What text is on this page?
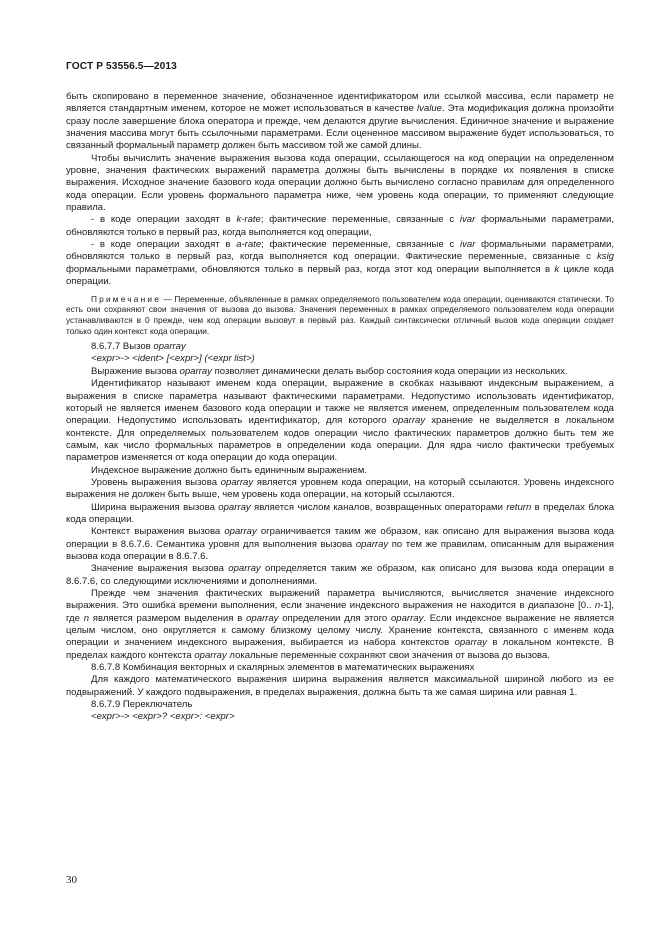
ГОСТ Р 53556.5—2013

быть скопировано в переменное значение, обозначенное идентификатором или ссылкой массива, если параметр не является стандартным именем, которое не может использоваться в качестве lvalue. Эта модификация должна произойти сразу после завершение блока оператора и прежде, чем делаются другие вычисления. Единичное значение и выражение значения массива могут быть ссылочными параметрами. Если оцененное массивом выражение будет использоваться, то связанный формальный параметр должен быть массивом той же самой длины.

Чтобы вычислить значение выражения вызова кода операции, ссылающегося на код операции на определенном уровне, значения фактических выражений параметра должны быть вычислены в порядке их появления в списке выражения. Исходное значение базового кода операции должно быть вычислено согласно правилам для определенного кода операции. Если уровень формального параметра ниже, чем уровень кода операции, то применяют следующие правила.

- в коде операции заходят в k-rate; фактические переменные, связанные с ivar формальными параметрами, обновляются только в первый раз, когда выполняется код операции,

- в коде операции заходят в a-rate; фактические переменные, связанные с ivar формальными параметрами, обновляются только в первый раз, когда выполняется код операции. Фактические переменные, связанные с ksig формальными параметрами, обновляются только в первый раз, когда этот код операции выполняется в k цикле кода операции.

Примечание — Переменные, объявленные в рамках определяемого пользователем кода операции, оцениваются статически. То есть они сохраняют свои значения от вызова до вызова. Значения переменных в рамках определяемого пользователем кода операции устанавливаются в 0 прежде, чем код операции вызовут в первый раз. Каждый синтаксически отличный вызов кода операции создает только один контекст кода операции.

8.6.7.7 Вызов oparray

<expr>-> <ident> [<expr>] (<expr list>)

Выражение вызова oparray позволяет динамически делать выбор состояния кода операции из нескольких.

Идентификатор называют именем кода операции, выражение в скобках называют индексным выражением, а выражения в списке параметра называют фактическими параметрами. Недопустимо использовать идентификатор, который не является именем базового кода операции и также не является именем, определенным пользователем кода операции. Недопустимо использовать идентификатор, для которого oparray хранение не выделяется в локальном контексте. Для определяемых пользователем кодов операции число фактических параметров должно быть тем же самым, как число формальных параметров в определении кода операции. Для ядра число фактически требуемых параметров изменяется от кода операции до кода операции.

Индексное выражение должно быть единичным выражением.

Уровень выражения вызова oparray является уровнем кода операции, на который ссылаются. Уровень индексного выражения не должен быть выше, чем уровень кода операции, на который ссылаются.

Ширина выражения вызова oparray является числом каналов, возвращенных операторами return в пределах блока кода операции.

Контекст выражения вызова oparray ограничивается таким же образом, как описано для выражения вызова кода операции в 8.6.7.6. Семантика уровня для выполнения вызова oparray по тем же правилам, описанным для выражения вызова кода операции в 8.6.7.6.

Значение выражения вызова oparray определяется таким же образом, как описано для вызова кода операции в 8.6.7.6, со следующими исключениями и дополнениями.

Прежде чем значения фактических выражений параметра вычисляются, вычисляется значение индексного выражения. Это ошибка времени выполнения, если значение индексного выражения не находится в диапазоне [0.. n-1], где n является размером выделения в oparray определении для этого oparray. Если индексное выражение не является целым числом, оно округляется к самому близкому целому числу. Хранение контекста, связанного с именем кода операции и значением индексного выражения, выбирается из набора контекстов oparray в локальном контексте. В пределах каждого контекста oparray локальные переменные сохраняют свои значения от вызова до вызова.

8.6.7.8 Комбинация векторных и скалярных элементов в математических выражениях

Для каждого математического выражения ширина выражения является максимальной шириной любого из ее подвыражений. У каждого подвыражения, в пределах выражения, должна быть та же самая ширина или равная 1.

8.6.7.9 Переключатель

<expr>-> <expr>? <expr>: <expr>

30
